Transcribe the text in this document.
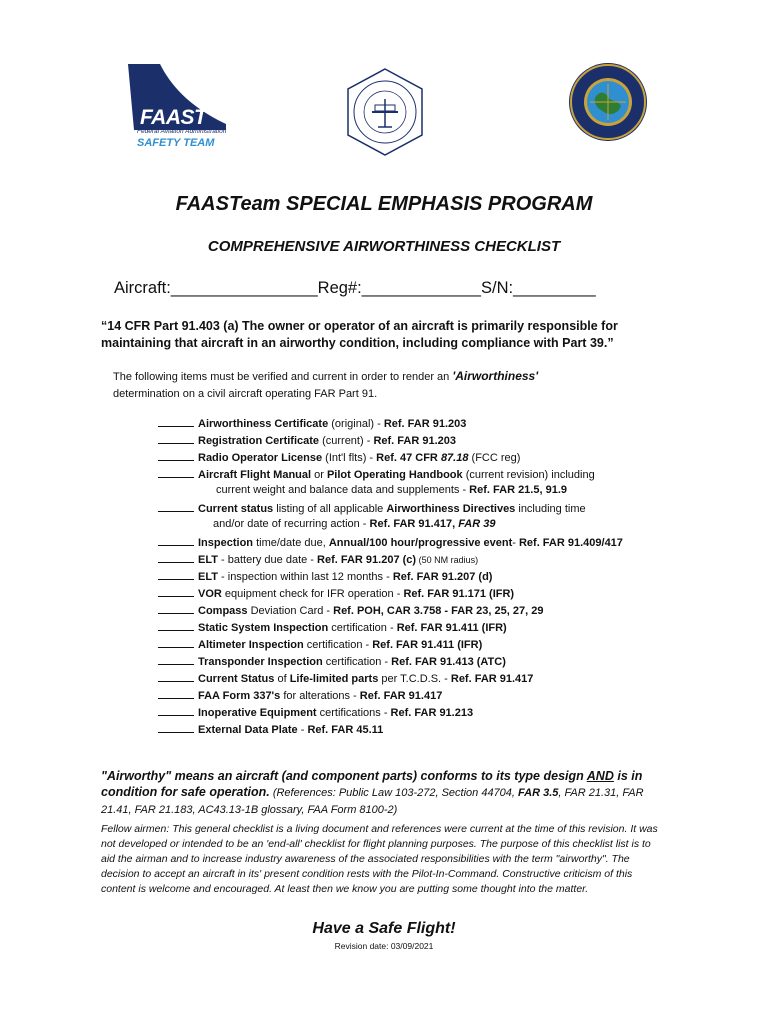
FAAST
Federal Aviation Administration
SAFETY TEAM
FAASTeam SPECIAL EMPHASIS PROGRAM
COMPREHENSIVE AIRWORTHINESS CHECKLIST
Aircraft:________________Reg#:_____________S/N:_________
“14 CFR Part 91.403 (a) The owner or operator of an aircraft is primarily responsible for maintaining that aircraft in an airworthy condition, including compliance with Part 39.”
The following items must be verified and current in order to render an 'Airworthiness'
determination on a civil aircraft operating FAR Part 91.
Airworthiness Certificate (original) - Ref. FAR 91.203
Registration Certificate (current) - Ref. FAR 91.203
Radio Operator License (Int'l flts) - Ref. 47 CFR 87.18 (FCC reg)
Aircraft Flight Manual or Pilot Operating Handbook (current revision) including
current weight and balance data and supplements - Ref. FAR 21.5, 91.9
Current status listing of all applicable Airworthiness Directives including time
and/or date of recurring action - Ref. FAR 91.417, FAR 39
Inspection time/date due, Annual/100 hour/progressive event- Ref. FAR 91.409/417
ELT - battery due date - Ref. FAR 91.207 (c) (50 NM radius)
ELT - inspection within last 12 months - Ref. FAR 91.207 (d)
VOR equipment check for IFR operation - Ref. FAR 91.171 (IFR)
Compass Deviation Card - Ref. POH, CAR 3.758 - FAR 23, 25, 27, 29
Static System Inspection certification - Ref. FAR 91.411 (IFR)
Altimeter Inspection certification - Ref. FAR 91.411 (IFR)
Transponder Inspection certification - Ref. FAR 91.413 (ATC)
Current Status of Life-limited parts per T.C.D.S. - Ref. FAR 91.417
FAA Form 337's for alterations - Ref. FAR 91.417
Inoperative Equipment certifications - Ref. FAR 91.213
External Data Plate - Ref. FAR 45.11
"Airworthy" means an aircraft (and component parts) conforms to its type design AND is in condition for safe operation. (References: Public Law 103-272, Section 44704, FAR 3.5, FAR 21.31, FAR 21.41, FAR 21.183, AC43.13-1B glossary, FAA Form 8100-2)
Fellow airmen: This general checklist is a living document and references were current at the time of this revision. It was not developed or intended to be an 'end-all' checklist for flight planning purposes. The purpose of this checklist list is to aid the airman and to increase industry awareness of the associated responsibilities with the term "airworthy". The decision to accept an aircraft in its' present condition rests with the Pilot-In-Command. Constructive criticism of this content is welcome and encouraged. At least then we know you are putting some thought into the matter.
Have a Safe Flight!
Revision date: 03/09/2021
